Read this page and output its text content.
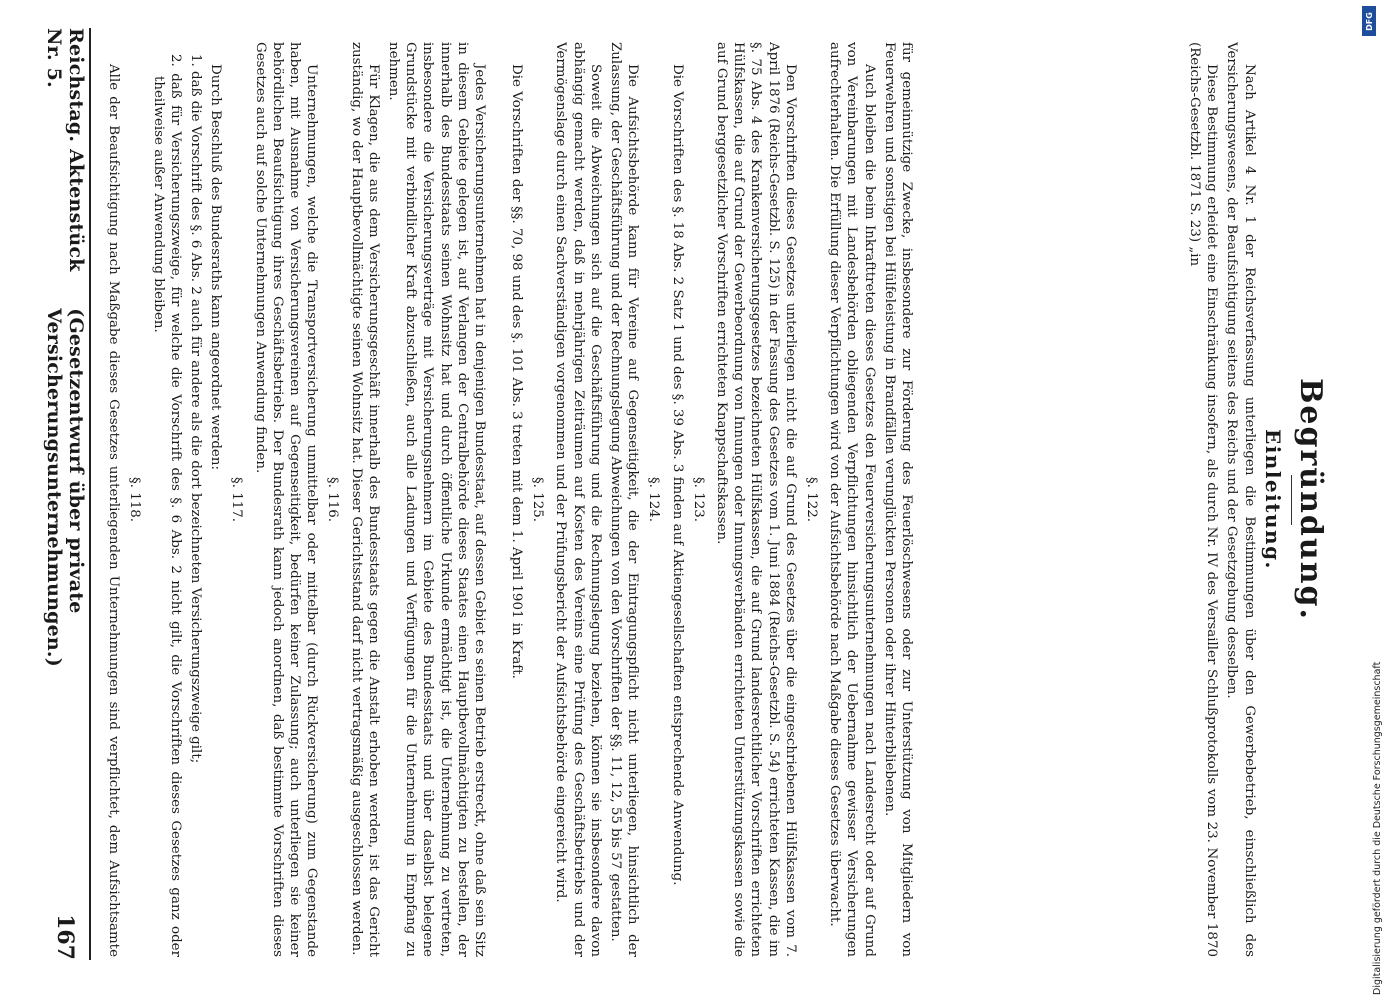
Reichstag. Aktenstück Nr. 5.
(Gesetzentwurf über private Versicherungsunternehmungen.)
167	Jedes Versicherungsunternehmen hat in denjenigen Bundesstaat, auf dessen Gebiet es seinen Betrieb erstreckt, ohne daß sein Sitz in diesem Gebiete gelegen ist, auf Verlangen der Centralbehörde dieses Staates einen Hauptbevollmächtigten zu bestellen, der innerhalb des Bundesstaats seinen Wohnsitz hat und durch öffentliche Urkunde ermächtigt ist, die Unternehmung zu vertreten, insbesondere die Versicherungsverträge mit Versicherungsnehmern im Gebiete des Bundesstaats und über daselbst belegene Grundstücke mit verbindlicher Kraft abzuschließen, auch alle Ladungen und Verfügungen für die Unternehmung in Empfang zu nehmen.

Für Klagen, die aus dem Versicherungsgeschäft innerhalb des Bundesstaats gegen die Anstalt erhoben werden, ist das Gericht zuständig, wo der Hauptbevollmächtigte seinen Wohnsitz hat. Dieser Gerichtsstand darf nicht vertragsmäßig ausgeschlossen werden.

§. 116.

Unternehmungen, welche die Transportversicherung unmittelbar oder mittelbar (durch Rückversicherung) zum Gegenstande haben, mit Ausnahme von Versicherungsvereinen auf Gegenseitigkeit, bedürfen keiner Zulassung; auch unterliegen sie keiner behördlichen Beaufsichtigung ihres Geschäftsbetriebs. Der Bundesrath kann jedoch anordnen, daß bestimmte Vorschriften dieses Gesetzes auch auf solche Unternehmungen Anwendung finden.

§. 117.

Durch Beschluß des Bundesraths kann angeordnet werden:

1. daß die Vorschrift des §. 6 Abs. 2 auch für andere als die dort bezeichneten Versicherungszweige gilt;

2. daß für Versicherungszweige, für welche die Vorschrift des §. 6 Abs. 2 nicht gilt, die Vorschriften dieses Gesetzes ganz oder theilweise außer Anwendung bleiben.

§. 118.

Alle der Beaufsichtigung nach Maßgabe dieses Gesetzes unterliegenden Unternehmungen sind verpflichtet, dem Aufsichtsamte	für gemeinnützige Zwecke, insbesondere zur Förderung des Feuerlöschwesens oder zur Unterstützung von Mitgliedern von Feuerwehren und sonstigen bei Hülfeleistung in Brandfällen verunglückten Personen oder ihrer Hinterbliebenen.

Auch bleiben die beim Inkrafttreten dieses Gesetzes den Feuerversicherungsunternehmungen nach Landesrecht oder auf Grund von Vereinbarungen mit Landesbehörden obliegenden Verpflichtungen hinsichtlich der Uebernahme gewisser Versicherungen aufrechterhalten. Die Erfüllung dieser Verpflichtungen wird von der Aufsichtsbehörde nach Maßgabe dieses Gesetzes überwacht.

§. 122.

Den Vorschriften dieses Gesetzes unterliegen nicht die auf Grund des Gesetzes über die eingeschriebenen Hülfskassen vom 7. April 1876 (Reichs-Gesetzbl. S. 125) in der Fassung des Gesetzes vom 1. Juni 1884 (Reichs-Gesetzbl. S. 54) errichteten Kassen, die im §. 75 Abs. 4 des Krankenversicherungsgesetzes bezeichneten Hülfskassen, die auf Grund landesrechtlicher Vorschriften errichteten Hülfskassen, die auf Grund der Gewerbeordnung von Innungen oder Innungsverbänden errichteten Unterstützungskassen sowie die auf Grund berggesetzlicher Vorschriften errichteten Knappschaftskassen.

§. 123.

Die Vorschriften des §. 18 Abs. 2 Satz 1 und des §. 39 Abs. 3 finden auf Aktiengesellschaften entsprechende Anwendung.

§. 124.

Die Aufsichtsbehörde kann für Vereine auf Gegenseitigkeit, die der Eintragungspflicht nicht unterliegen, hinsichtlich der Zulassung, der Geschäftsführung und der Rechnungslegung Abweichungen von den Vorschriften der §§. 11, 12, 55 bis 57 gestatten.

Soweit die Abweichungen sich auf die Geschäftsführung und die Rechnungslegung beziehen, können sie insbesondere davon abhängig gemacht werden, daß in mehrjährigen Zeiträumen auf Kosten des Vereins eine Prüfung des Geschäftsbetriebs und der Vermögenslage durch einen Sachverständigen vorgenommen und der Prüfungsbericht der Aufsichtsbehörde eingereicht wird.

§. 125.

Die Vorschriften der §§. 70, 98 und des §. 101 Abs. 3 treten mit dem 1. April 1901 in Kraft.	Begründung.
Einleitung.

Nach Artikel 4 Nr. 1 der Reichsverfassung unterliegen die Bestimmungen über den Gewerbebetrieb, einschließlich des Versicherungswesens, der Beaufsichtigung seitens des Reichs und der Gesetzgebung desselben.

Diese Bestimmung erleidet eine Einschränkung insofern, als durch Nr. IV des Versailler Schlußprotokolls vom 23. November 1870 (Reichs-Gesetzbl. 1871 S. 23) „in

DFG
Digitalisierung gefördert durch die Deutsche Forschungsgemeinschaft
